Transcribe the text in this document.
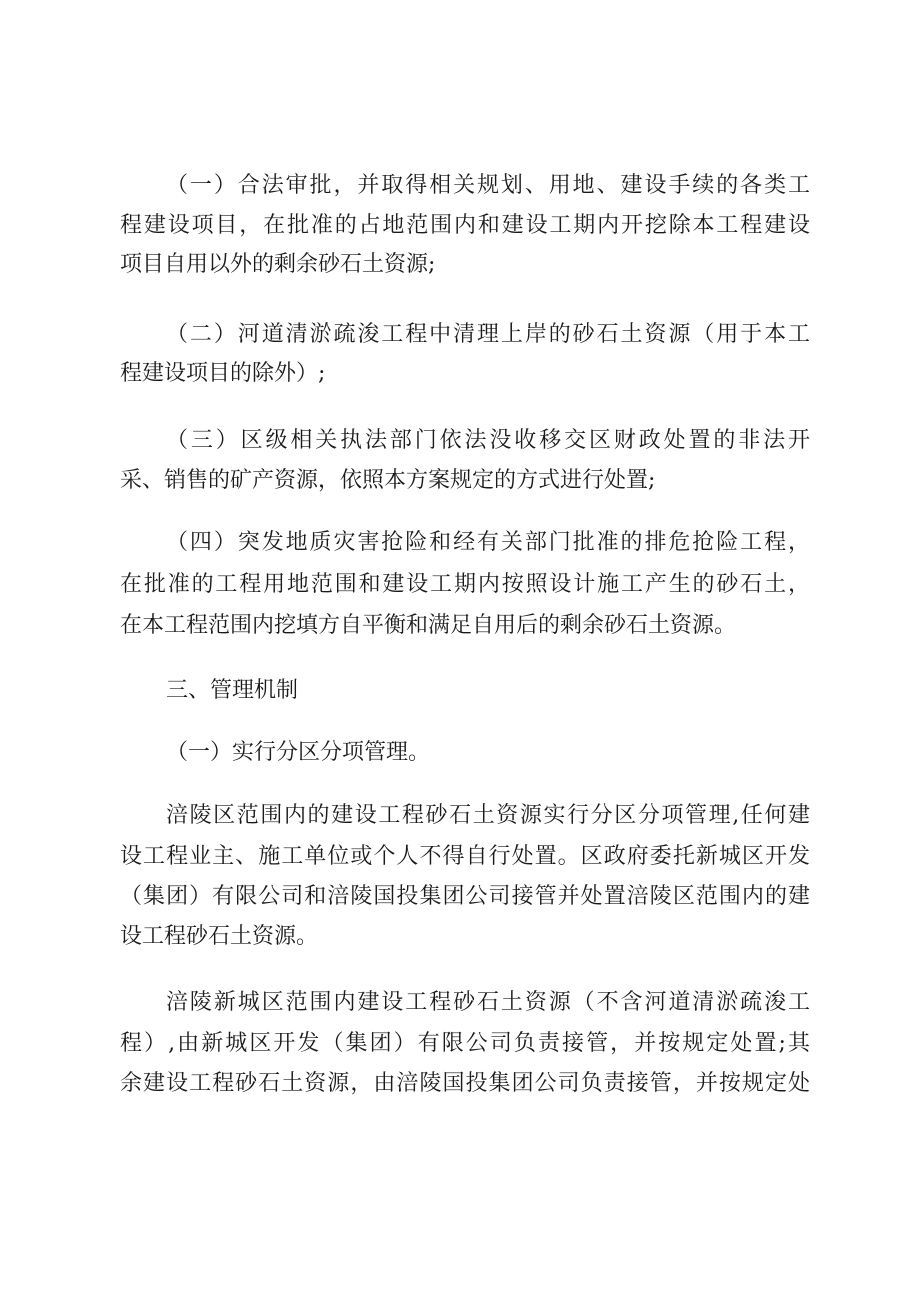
（一）合法审批，并取得相关规划、用地、建设手续的各类工
程建设项目，在批准的占地范围内和建设工期内开挖除本工程建设
项目自用以外的剩余砂石土资源;
（二）河道清淤疏浚工程中清理上岸的砂石土资源（用于本工
程建设项目的除外）;
（三）区级相关执法部门依法没收移交区财政处置的非法开
采、销售的矿产资源，依照本方案规定的方式进行处置;
（四）突发地质灾害抢险和经有关部门批准的排危抢险工程，
在批准的工程用地范围和建设工期内按照设计施工产生的砂石土，
在本工程范围内挖填方自平衡和满足自用后的剩余砂石土资源。
三、管理机制
（一）实行分区分项管理。
涪陵区范围内的建设工程砂石土资源实行分区分项管理,任何建
设工程业主、施工单位或个人不得自行处置。区政府委托新城区开发
（集团）有限公司和涪陵国投集团公司接管并处置涪陵区范围内的建
设工程砂石土资源。
涪陵新城区范围内建设工程砂石土资源（不含河道清淤疏浚工
程）,由新城区开发（集团）有限公司负责接管，并按规定处置;其
余建设工程砂石土资源，由涪陵国投集团公司负责接管，并按规定处
